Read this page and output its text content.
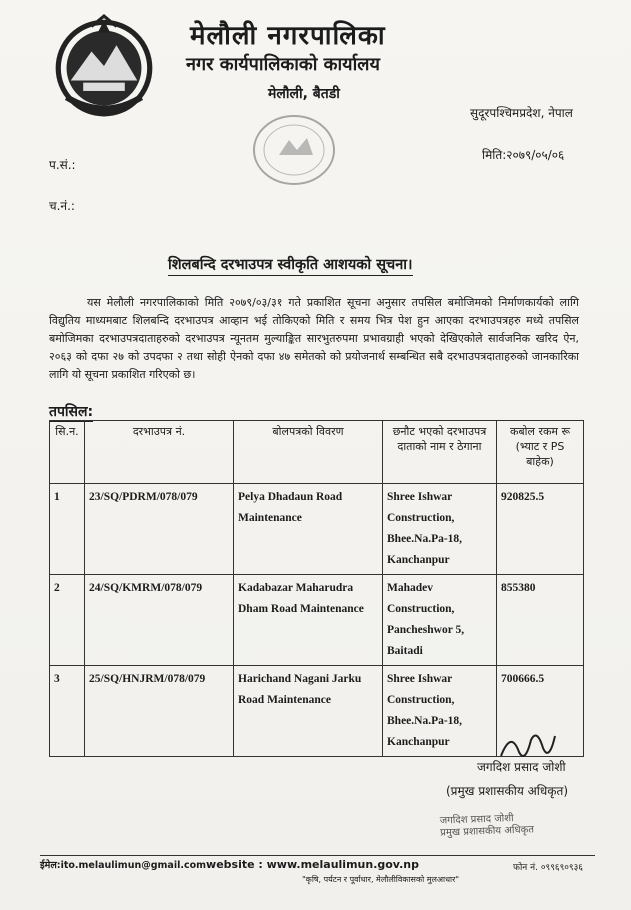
मेलौली नगरपालिका
नगर कार्यपालिकाको कार्यालय
मेलौली, बैतडी
सुदूरपश्चिमप्रदेश, नेपाल
मिति:२०७९/०५/०६
प.सं.:
च.नं.:
शिलबन्दि दरभाउपत्र स्वीकृति आशयको सूचना।
यस मेलौली नगरपालिकाको मिति २०७९/०३/३१ गते प्रकाशित सूचना अनुसार तपसिल बमोजिमको निर्माणकार्यको लागि विद्युतिय माध्यमबाट शिलबन्दि दरभाउपत्र आव्हान भई तोकिएको मिति र समय भित्र पेश हुन आएका दरभाउपत्रहरु मध्ये तपसिल बमोजिमका दरभाउपत्रदाताहरुको दरभाउपत्र न्यूनतम मुल्याङ्कित सारभुतरुपमा प्रभावग्राही भएको देखिएकोले सार्वजनिक खरिद ऐन, २०६३ को दफा २७ को उपदफा २ तथा सोही ऐनको दफा ४७ समेतको को प्रयोजनार्थ सम्बन्धित सबै दरभाउपत्रदाताहरुको जानकारिका लागि यो सूचना प्रकाशित गरिएको छ।
तपसिल:
सि.न.	दरभाउपत्र नं.	बोलपत्रको विवरण	छनौट भएको दरभाउपत्र दाताको नाम र ठेगाना	कबोल रकम रू (भ्याट र PS बाहेक)
1	23/SQ/PDRM/078/079	Pelya Dhadaun Road Maintenance	Shree Ishwar Construction, Bhee.Na.Pa-18, Kanchanpur	920825.5
2	24/SQ/KMRM/078/079	Kadabazar Maharudra Dham Road Maintenance	Mahadev Construction, Pancheshwor 5, Baitadi	855380
3	25/SQ/HNJRM/078/079	Harichand Nagani Jarku Road Maintenance	Shree Ishwar Construction, Bhee.Na.Pa-18, Kanchanpur	700666.5
जगदिश प्रसाद जोशी
(प्रमुख प्रशासकीय अधिकृत)
जगदिश प्रसाद जोशी
प्रमुख प्रशासकीय अधिकृत
ईमेल:ito.melaulimun@gmail.comwebsite : www.melaulimun.gov.np
"कृषि, पर्यटन र पूर्वाधार, मेलौलीविकासको मुलआधार"
फोन नं. ०९९६९०९३६
